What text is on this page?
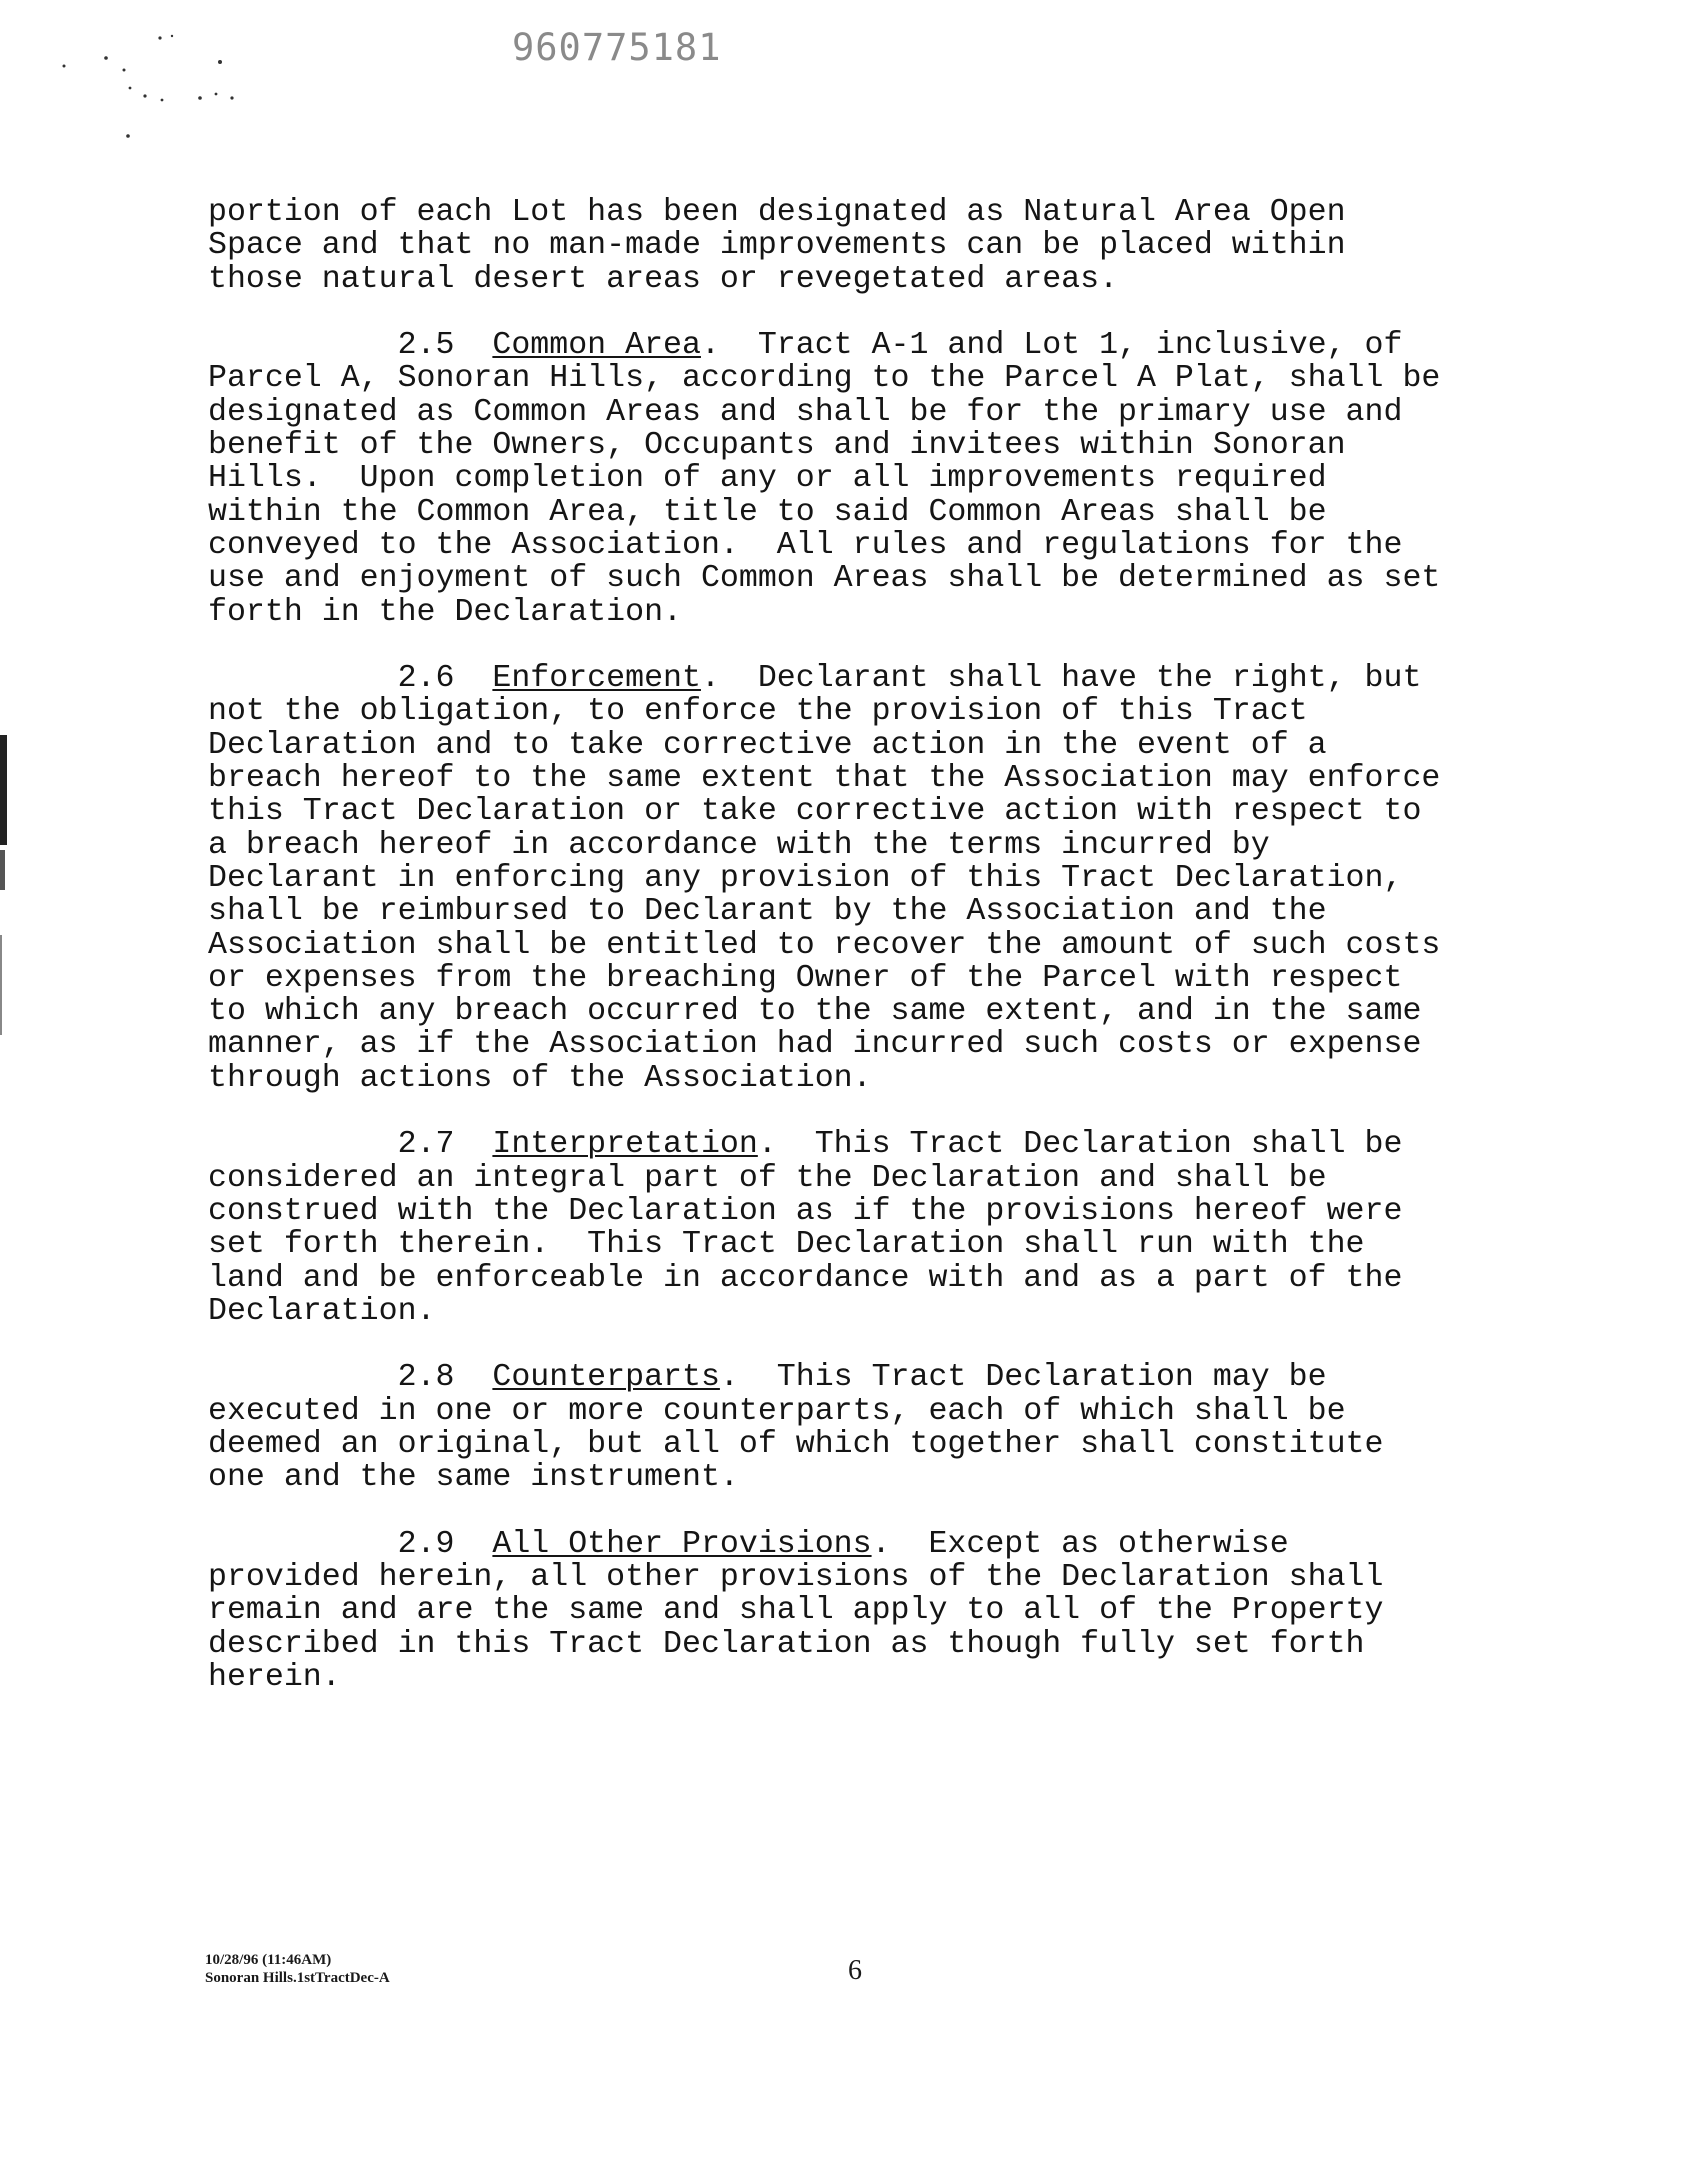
960775181
portion of each Lot has been designated as Natural Area Open
Space and that no man-made improvements can be placed within
those natural desert areas or revegetated areas.
2.5  Common Area.  Tract A-1 and Lot 1, inclusive, of
Parcel A, Sonoran Hills, according to the Parcel A Plat, shall be
designated as Common Areas and shall be for the primary use and
benefit of the Owners, Occupants and invitees within Sonoran
Hills.  Upon completion of any or all improvements required
within the Common Area, title to said Common Areas shall be
conveyed to the Association.  All rules and regulations for the
use and enjoyment of such Common Areas shall be determined as set
forth in the Declaration.
2.6  Enforcement.  Declarant shall have the right, but
not the obligation, to enforce the provision of this Tract
Declaration and to take corrective action in the event of a
breach hereof to the same extent that the Association may enforce
this Tract Declaration or take corrective action with respect to
a breach hereof in accordance with the terms incurred by
Declarant in enforcing any provision of this Tract Declaration,
shall be reimbursed to Declarant by the Association and the
Association shall be entitled to recover the amount of such costs
or expenses from the breaching Owner of the Parcel with respect
to which any breach occurred to the same extent, and in the same
manner, as if the Association had incurred such costs or expense
through actions of the Association.
2.7  Interpretation.  This Tract Declaration shall be
considered an integral part of the Declaration and shall be
construed with the Declaration as if the provisions hereof were
set forth therein.  This Tract Declaration shall run with the
land and be enforceable in accordance with and as a part of the
Declaration.
2.8  Counterparts.  This Tract Declaration may be
executed in one or more counterparts, each of which shall be
deemed an original, but all of which together shall constitute
one and the same instrument.
2.9  All Other Provisions.  Except as otherwise
provided herein, all other provisions of the Declaration shall
remain and are the same and shall apply to all of the Property
described in this Tract Declaration as though fully set forth
herein.
10/28/96 (11:46AM)
Sonoran Hills.1stTractDec-A	6
